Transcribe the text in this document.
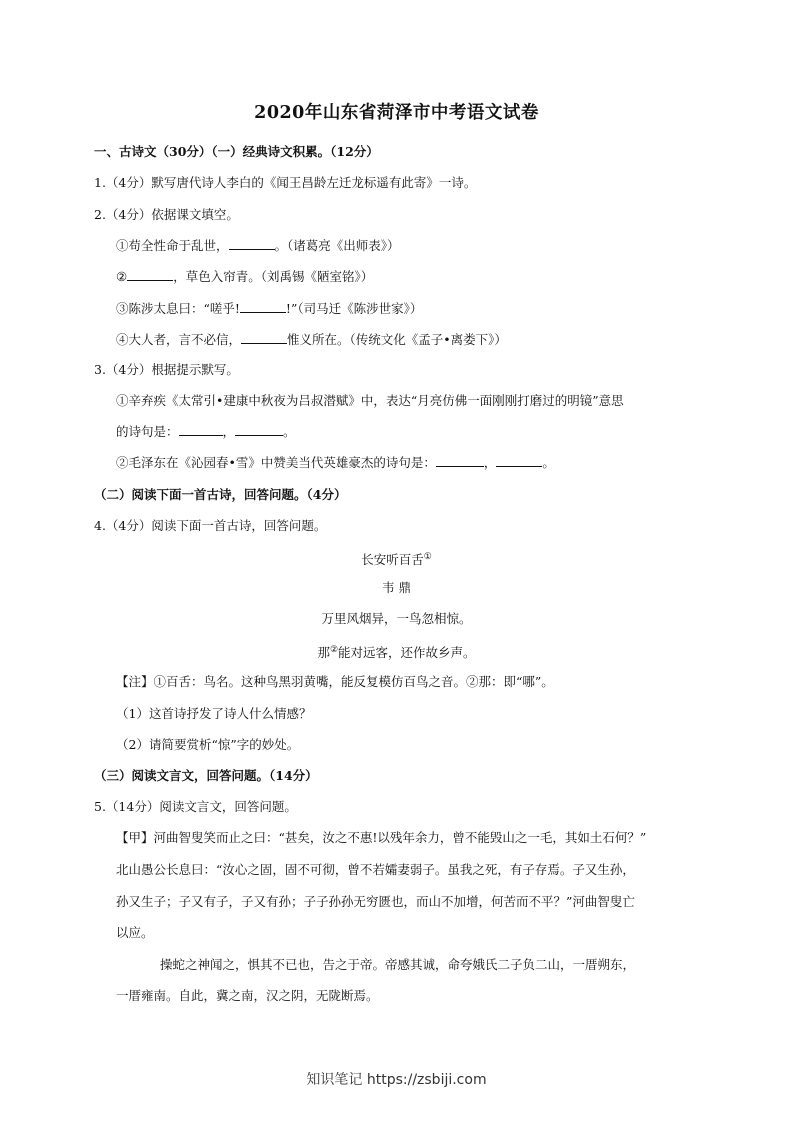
2020年山东省菏泽市中考语文试卷
一、古诗文（30分）（一）经典诗文积累。（12分）
1.（4分）默写唐代诗人李白的《闻王昌龄左迁龙标遥有此寄》一诗。
2.（4分）依据课文填空。
①苟全性命于乱世，	。（诸葛亮《出师表》）
②	，草色入帘青。（刘禹锡《陋室铭》）
③陈涉太息曰：“嗟乎!	!”（司马迁《陈涉世家》）
④大人者，言不必信，	惟义所在。（传统文化《孟子•离娄下》）
3.（4分）根据提示默写。
①辛弃疾《太常引•建康中秋夜为吕叔潜赋》中，表达“月亮仿佛一面刚刚打磨过的明镜”意思
的诗句是：	，	。
②毛泽东在《沁园春•雪》中赞美当代英雄豪杰的诗句是：	，	。
（二）阅读下面一首古诗，回答问题。（4分）
4.（4分）阅读下面一首古诗，回答问题。
长安听百舌①
韦 鼎
万里风烟异，一鸟忽相惊。
那②能对远客，还作故乡声。
【注】①百舌：鸟名。这种鸟黑羽黄嘴，能反复模仿百鸟之音。②那：即“哪”。
（1）这首诗抒发了诗人什么情感？
（2）请简要赏析“惊”字的妙处。
（三）阅读文言文，回答问题。（14分）
5.（14分）阅读文言文，回答问题。
【甲】河曲智叟笑而止之曰：“甚矣，汝之不惠!以残年余力，曾不能毁山之一毛，其如土石何？”
北山愚公长息曰：“汝心之固，固不可彻，曾不若孀妻弱子。虽我之死，有子存焉。子又生孙，
孙又生子；子又有子，子又有孙；子子孙孙无穷匮也，而山不加增，何苦而不平？”河曲智叟亡
以应。
操蛇之神闻之，惧其不已也，告之于帝。帝感其诚，命夸娥氏二子负二山，一厝朔东，
一厝雍南。自此，冀之南，汉之阴，无陇断焉。
知识笔记 https://zsbiji.com
